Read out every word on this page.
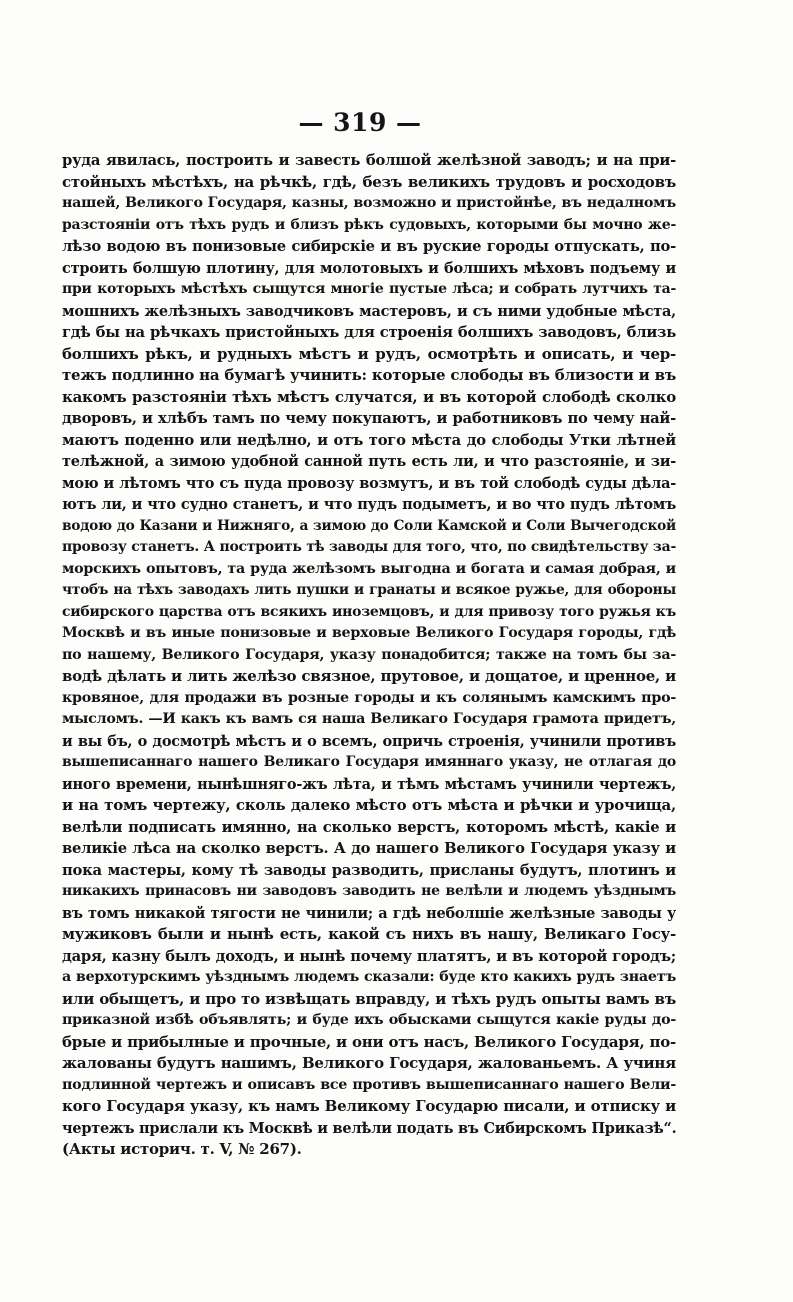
— 319 —
руда явилась, построить и завесть болшой желѣзной заводъ; и на при-
стойныхъ мѣстѣхъ, на рѣчкѣ, гдѣ, безъ великихъ трудовъ и росходовъ
нашей, Великого Государя, казны, возможно и пристойнѣе, въ недалномъ
разстояніи отъ тѣхъ рудъ и близъ рѣкъ судовыхъ, которыми бы мочно же-
лѣзо водою въ понизовые сибирскіе и въ руские городы отпускать, по-
строить болшую плотину, для молотовыхъ и болшихъ мѣховъ подъему и
при которыхъ мѣстѣхъ сыщутся многіе пустые лѣса; и собрать лутчихъ та-
мошнихъ желѣзныхъ заводчиковъ мастеровъ, и съ ними удобные мѣста,
гдѣ бы на рѣчкахъ пристойныхъ для строенія болшихъ заводовъ, близь
болшихъ рѣкъ, и рудныхъ мѣстъ и рудъ, осмотрѣть и описать, и чер-
тежъ подлинно на бумагѣ учинить: которые слободы въ близости и въ
какомъ разстояніи тѣхъ мѣстъ случатся, и въ которой слободѣ сколко
дворовъ, и хлѣбъ тамъ по чему покупаютъ, и работниковъ по чему най-
маютъ поденно или недѣлно, и отъ того мѣста до слободы Утки лѣтней
телѣжной, а зимою удобной санной путь есть ли, и что разстояніе, и зи-
мою и лѣтомъ что съ пуда провозу возмутъ, и въ той слободѣ суды дѣла-
ютъ ли, и что судно станетъ, и что пудъ подыметъ, и во что пудъ лѣтомъ
водою до Казани и Нижняго, а зимою до Соли Камской и Соли Вычегодской
провозу станетъ. А построить тѣ заводы для того, что, по свидѣтельству за-
морскихъ опытовъ, та руда желѣзомъ выгодна и богата и самая добрая, и
чтобъ на тѣхъ заводахъ лить пушки и гранаты и всякое ружье, для обороны
сибирского царства отъ всякихъ иноземцовъ, и для привозу того ружья къ
Москвѣ и въ иные понизовые и верховые Великого Государя городы, гдѣ
по нашему, Великого Государя, указу понадобится; также на томъ бы за-
водѣ дѣлать и лить желѣзо связное, прутовое, и дощатое, и цренное, и
кровяное, для продажи въ розные городы и къ солянымъ камскимъ про-
мысломъ. —И какъ къ вамъ ся наша Великаго Государя грамота придетъ,
и вы бъ, о досмотрѣ мѣстъ и о всемъ, опричь строенія, учинили противъ
вышеписаннаго нашего Великаго Государя имяннаго указу, не отлагая до
иного времени, нынѣшняго-жъ лѣта, и тѣмъ мѣстамъ учинили чертежъ,
и на томъ чертежу, сколь далеко мѣсто отъ мѣста и рѣчки и урочища,
велѣли подписать имянно, на сколько верстъ, которомъ мѣстѣ, какіе и
великіе лѣса на сколко верстъ. А до нашего Великого Государя указу и
пока мастеры, кому тѣ заводы разводить, присланы будутъ, плотинъ и
никакихъ принасовъ ни заводовъ заводить не велѣли и людемъ уѣзднымъ
въ томъ никакой тягости не чинили; а гдѣ неболшіе желѣзные заводы у
мужиковъ были и нынѣ есть, какой съ нихъ въ нашу, Великаго Госу-
даря, казну былъ доходъ, и нынѣ почему платятъ, и въ которой городъ;
а верхотурскимъ уѣзднымъ людемъ сказали: буде кто какихъ рудъ знаетъ
или обыщетъ, и про то извѣщать вправду, и тѣхъ рудъ опыты вамъ въ
приказной избѣ объявлять; и буде ихъ обысками сыщутся какіе руды до-
брые и прибылные и прочные, и они отъ насъ, Великого Государя, по-
жалованы будутъ нашимъ, Великого Государя, жалованьемъ. А учиня
подлинной чертежъ и описавъ все противъ вышеписаннаго нашего Вели-
кого Государя указу, къ намъ Великому Государю писали, и отписку и
чертежъ прислали къ Москвѣ и велѣли подать въ Сибирскомъ Приказѣ“.
(Акты историч. т. V, № 267).
